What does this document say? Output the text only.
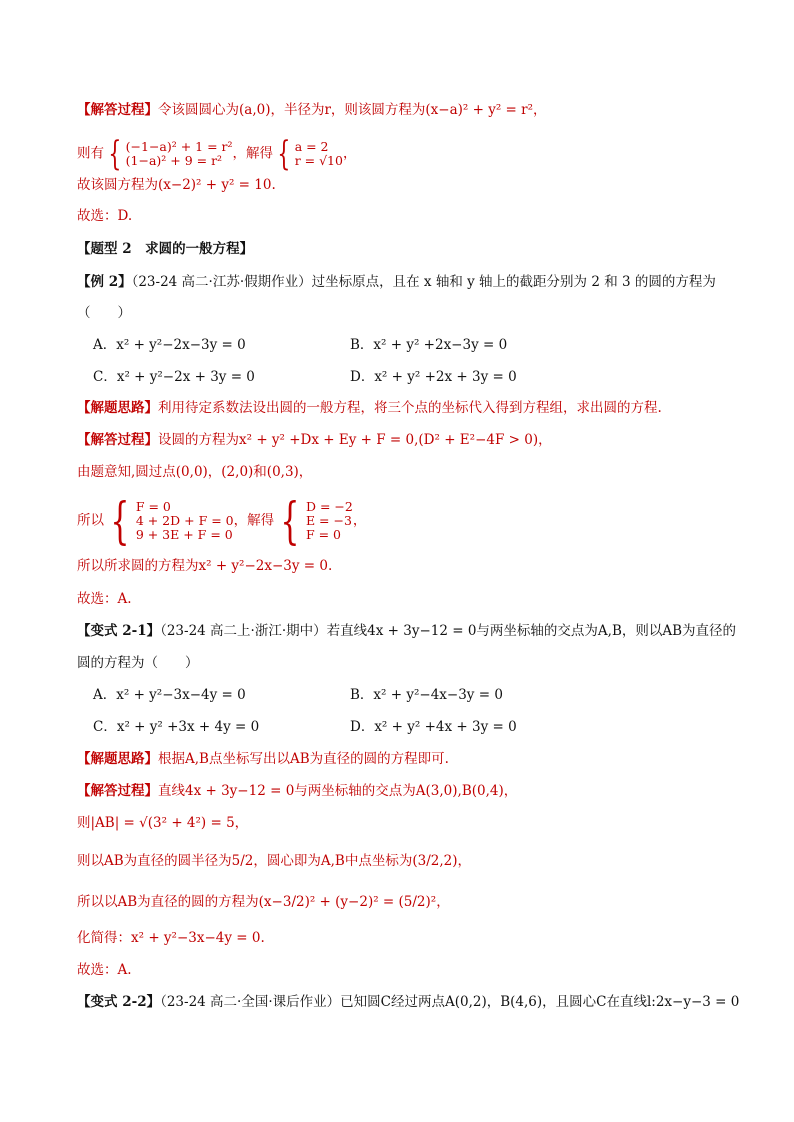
【解答过程】令该圆圆心为(a,0)，半径为r，则该圆方程为(x−a)² + y² = r²，
则有 { (−1−a)² + 1 = r²
(1−a)² + 9 = r² ，解得 { a = 2
r = √10 ，
故该圆方程为(x−2)² + y² = 10.
故选：D.
【题型 2　求圆的一般方程】
【例 2】（23-24 高二·江苏·假期作业）过坐标原点，且在 x 轴和 y 轴上的截距分别为 2 和 3 的圆的方程为
（　　）
A．x² + y²−2x−3y = 0	B．x² + y² +2x−3y = 0
C．x² + y²−2x + 3y = 0	D．x² + y² +2x + 3y = 0
【解题思路】利用待定系数法设出圆的一般方程，将三个点的坐标代入得到方程组，求出圆的方程.
【解答过程】设圆的方程为x² + y² +Dx + Ey + F = 0,(D² + E²−4F > 0)，
由题意知,圆过点(0,0)，(2,0)和(0,3)，
所以 { F = 0
4 + 2D + F = 0
9 + 3E + F = 0
，解得 { D = −2
E = −3
F = 0
，
所以所求圆的方程为x² + y²−2x−3y = 0.
故选：A.
【变式 2-1】（23-24 高二上·浙江·期中）若直线4x + 3y−12 = 0与两坐标轴的交点为A,B，则以AB为直径的
圆的方程为（　　）
A．x² + y²−3x−4y = 0	B．x² + y²−4x−3y = 0
C．x² + y² +3x + 4y = 0	D．x² + y² +4x + 3y = 0
【解题思路】根据A,B点坐标写出以AB为直径的圆的方程即可.
【解答过程】直线4x + 3y−12 = 0与两坐标轴的交点为A(3,0),B(0,4)，
则|AB| = √(3² + 4²) = 5，
则以AB为直径的圆半径为5/2，圆心即为A,B中点坐标为(3/2,2)，
所以以AB为直径的圆的方程为(x−3/2)² + (y−2)² = (5/2)²，
化简得：x² + y²−3x−4y = 0.
故选：A.
【变式 2-2】（23-24 高二·全国·课后作业）已知圆C经过两点A(0,2)，B(4,6)，且圆心C在直线l:2x−y−3 = 0
